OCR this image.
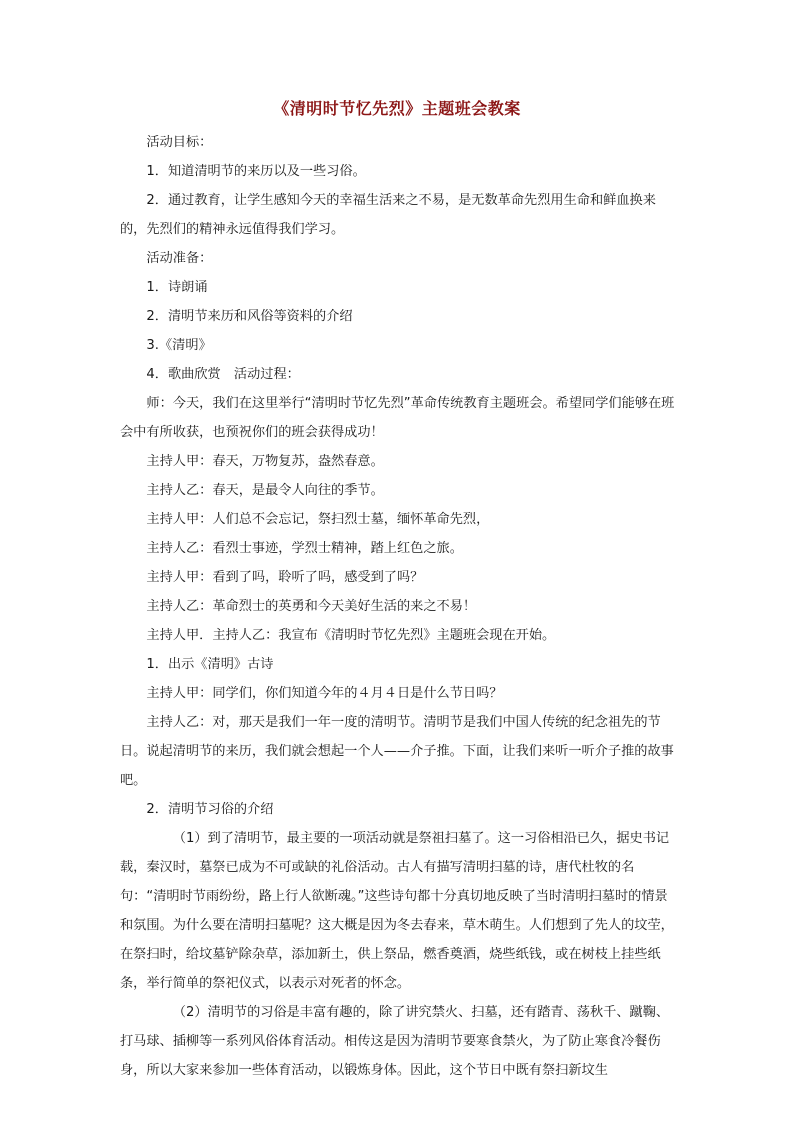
《清明时节忆先烈》主题班会教案

活动目标：

1．知道清明节的来历以及一些习俗。

2．通过教育，让学生感知今天的幸福生活来之不易，是无数革命先烈用生命和鲜血换来的，先烈们的精神永远值得我们学习。

活动准备：

1．诗朗诵

2．清明节来历和风俗等资料的介绍

3.《清明》

4．歌曲欣赏　活动过程：

师：今天，我们在这里举行“清明时节忆先烈”革命传统教育主题班会。希望同学们能够在班会中有所收获，也预祝你们的班会获得成功！

主持人甲：春天，万物复苏，盎然春意。

主持人乙：春天，是最令人向往的季节。

主持人甲：人们总不会忘记，祭扫烈士墓，缅怀革命先烈，

主持人乙：看烈士事迹，学烈士精神，踏上红色之旅。

主持人甲：看到了吗，聆听了吗，感受到了吗？

主持人乙：革命烈士的英勇和今天美好生活的来之不易！

主持人甲．主持人乙：我宣布《清明时节忆先烈》主题班会现在开始。

1．出示《清明》古诗

主持人甲：同学们，你们知道今年的４月４日是什么节日吗？

主持人乙：对，那天是我们一年一度的清明节。清明节是我们中国人传统的纪念祖先的节日。说起清明节的来历，我们就会想起一个人——介子推。下面，让我们来听一听介子推的故事吧。

2．清明节习俗的介绍

（1）到了清明节，最主要的一项活动就是祭祖扫墓了。这一习俗相沿已久，据史书记载，秦汉时，墓祭已成为不可或缺的礼俗活动。古人有描写清明扫墓的诗，唐代杜牧的名句：“清明时节雨纷纷，路上行人欲断魂。”这些诗句都十分真切地反映了当时清明扫墓时的情景和氛围。为什么要在清明扫墓呢？这大概是因为冬去春来，草木萌生。人们想到了先人的坟茔，在祭扫时，给坟墓铲除杂草，添加新土，供上祭品，燃香奠酒，烧些纸钱，或在树枝上挂些纸条，举行简单的祭祀仪式，以表示对死者的怀念。

（2）清明节的习俗是丰富有趣的，除了讲究禁火、扫墓，还有踏青、荡秋千、蹴鞠、打马球、插柳等一系列风俗体育活动。相传这是因为清明节要寒食禁火，为了防止寒食冷餐伤身，所以大家来参加一些体育活动，以锻炼身体。因此，这个节日中既有祭扫新坟生
